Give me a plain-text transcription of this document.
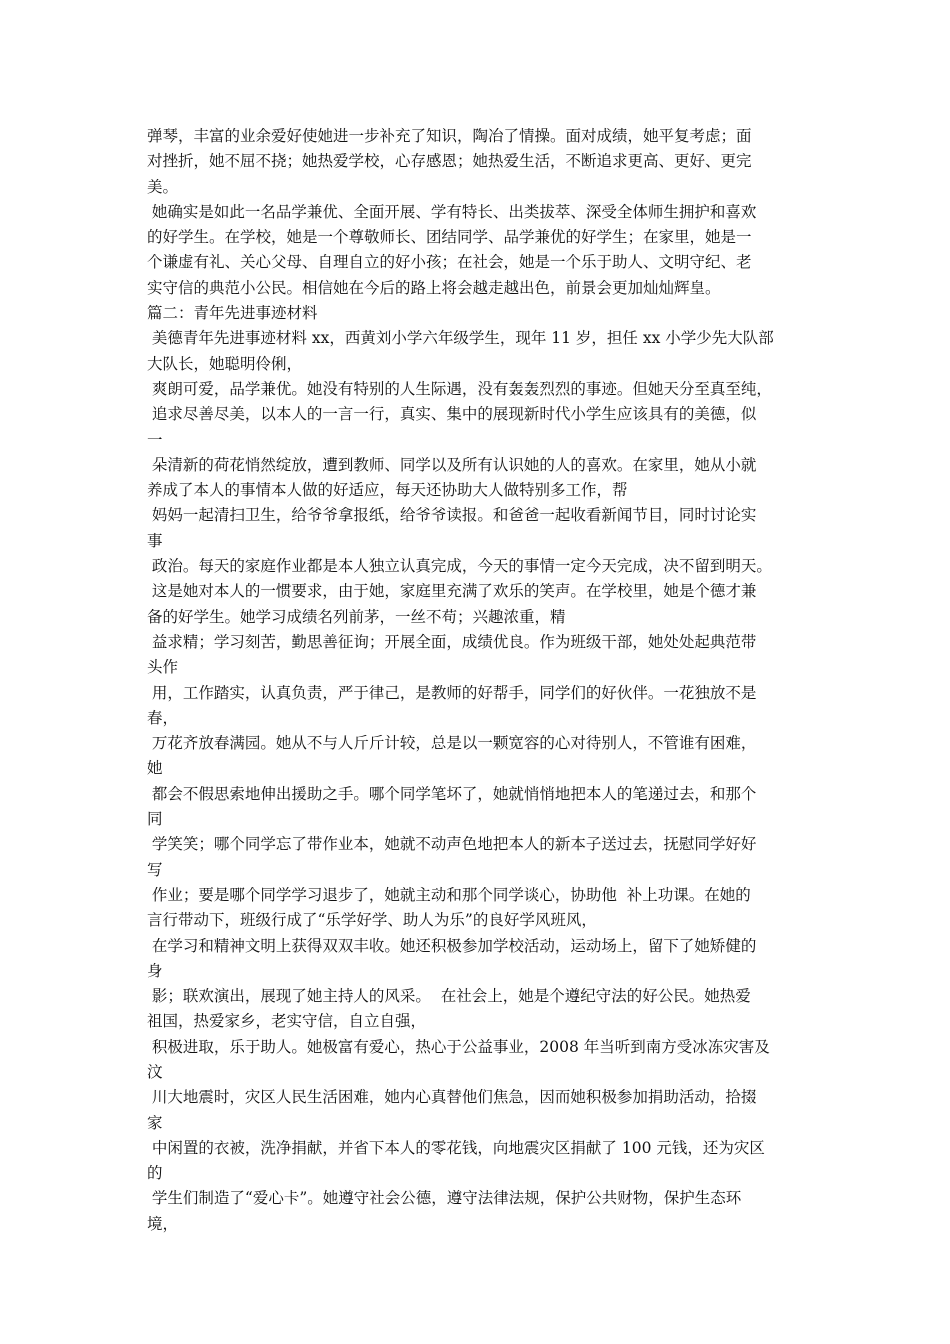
弹琴，丰富的业余爱好使她进一步补充了知识，陶冶了情操。面对成绩，她平复考虑；面
对挫折，她不屈不挠；她热爱学校，心存感恩；她热爱生活，不断追求更高、更好、更完
美。
她确实是如此一名品学兼优、全面开展、学有特长、出类拔萃、深受全体师生拥护和喜欢
的好学生。在学校，她是一个尊敬师长、团结同学、品学兼优的好学生；在家里，她是一
个谦虚有礼、关心父母、自理自立的好小孩；在社会，她是一个乐于助人、文明守纪、老
实守信的典范小公民。相信她在今后的路上将会越走越出色，前景会更加灿灿辉皇。
篇二：青年先进事迹材料
美德青年先进事迹材料 xx，西黄刘小学六年级学生，现年 11 岁，担任 xx 小学少先大队部
大队长，她聪明伶俐，
爽朗可爱，品学兼优。她没有特别的人生际遇，没有轰轰烈烈的事迹。但她天分至真至纯，
追求尽善尽美，以本人的一言一行，真实、集中的展现新时代小学生应该具有的美德，似
一
朵清新的荷花悄然绽放，遭到教师、同学以及所有认识她的人的喜欢。在家里，她从小就
养成了本人的事情本人做的好适应，每天还协助大人做特别多工作，帮
妈妈一起清扫卫生，给爷爷拿报纸，给爷爷读报。和爸爸一起收看新闻节目，同时讨论实
事
政治。每天的家庭作业都是本人独立认真完成，今天的事情一定今天完成，决不留到明天。
这是她对本人的一惯要求，由于她，家庭里充满了欢乐的笑声。在学校里，她是个德才兼
备的好学生。她学习成绩名列前茅，一丝不苟；兴趣浓重，精
益求精；学习刻苦，勤思善征询；开展全面，成绩优良。作为班级干部，她处处起典范带
头作
用，工作踏实，认真负责，严于律己，是教师的好帮手，同学们的好伙伴。一花独放不是
春，
万花齐放春满园。她从不与人斤斤计较，总是以一颗宽容的心对待别人，不管谁有困难，
她
都会不假思索地伸出援助之手。哪个同学笔坏了，她就悄悄地把本人的笔递过去，和那个
同
学笑笑；哪个同学忘了带作业本，她就不动声色地把本人的新本子送过去，抚慰同学好好
写
作业；要是哪个同学学习退步了，她就主动和那个同学谈心，协助他  补上功课。在她的
言行带动下，班级行成了“乐学好学、助人为乐”的良好学风班风，
在学习和精神文明上获得双双丰收。她还积极参加学校活动，运动场上，留下了她矫健的
身
影；联欢演出，展现了她主持人的风采。  在社会上，她是个遵纪守法的好公民。她热爱
祖国，热爱家乡，老实守信，自立自强，
积极进取，乐于助人。她极富有爱心，热心于公益事业，2008 年当听到南方受冰冻灾害及
汶
川大地震时，灾区人民生活困难，她内心真替他们焦急，因而她积极参加捐助活动，拾掇
家
中闲置的衣被，洗净捐献，并省下本人的零花钱，向地震灾区捐献了 100 元钱，还为灾区
的
学生们制造了“爱心卡”。她遵守社会公德，遵守法律法规，保护公共财物，保护生态环
境，
